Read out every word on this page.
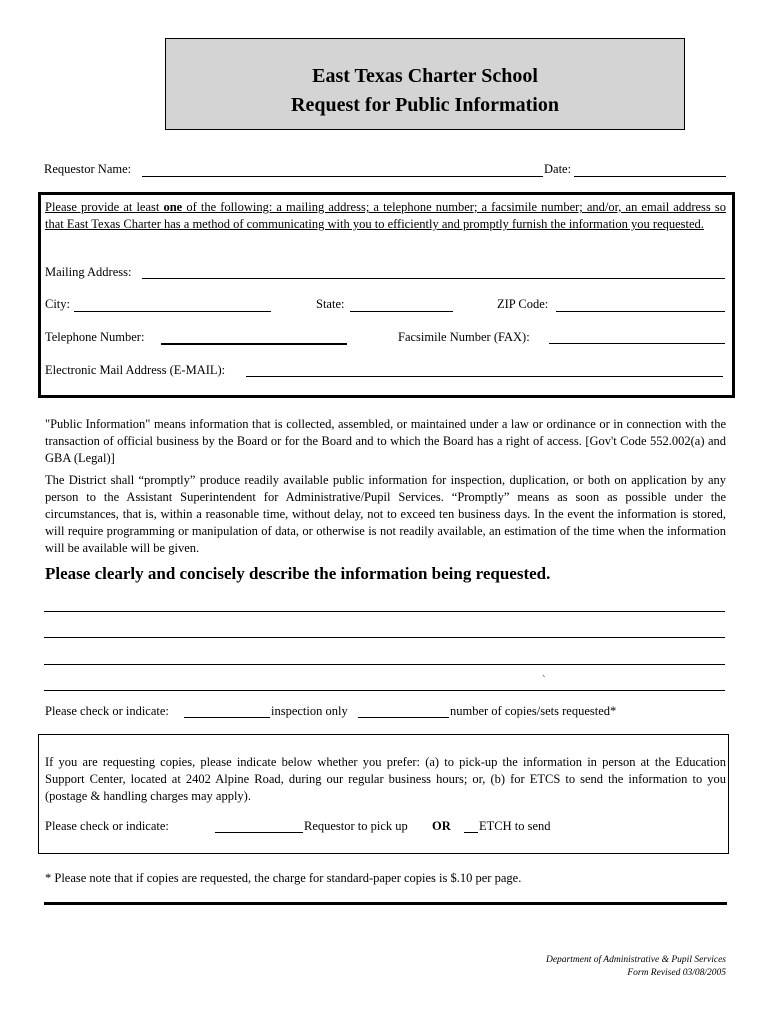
East Texas Charter School
Request for Public Information
Requestor Name:	Date:
Please provide at least one of the following: a mailing address; a telephone number; a facsimile number; and/or, an email address so that East Texas Charter has a method of communicating with you to efficiently and promptly furnish the information you requested.
Mailing Address:
City:	State:	ZIP Code:
Telephone Number:	Facsimile Number (FAX):
Electronic Mail Address (E-MAIL):
"Public Information" means information that is collected, assembled, or maintained under a law or ordinance or in connection with the transaction of official business by the Board or for the Board and to which the Board has a right of access. [Gov't Code 552.002(a) and GBA (Legal)]
The District shall “promptly” produce readily available public information for inspection, duplication, or both on application by any person to the Assistant Superintendent for Administrative/Pupil Services. “Promptly” means as soon as possible under the circumstances, that is, within a reasonable time, without delay, not to exceed ten business days. In the event the information is stored, will require programming or manipulation of data, or otherwise is not readily available, an estimation of the time when the information will be available will be given.
Please clearly and concisely describe the information being requested.
`
Please check or indicate:	inspection only	number of copies/sets requested*
If you are requesting copies, please indicate below whether you prefer: (a) to pick-up the information in person at the Education Support Center, located at 2402 Alpine Road, during our regular business hours; or, (b) for ETCS to send the information to you (postage & handling charges may apply).
Please check or indicate:	Requestor to pick up OR ETCH to send
* Please note that if copies are requested, the charge for standard-paper copies is $.10 per page.
Department of Administrative & Pupil Services
Form Revised 03/08/2005
